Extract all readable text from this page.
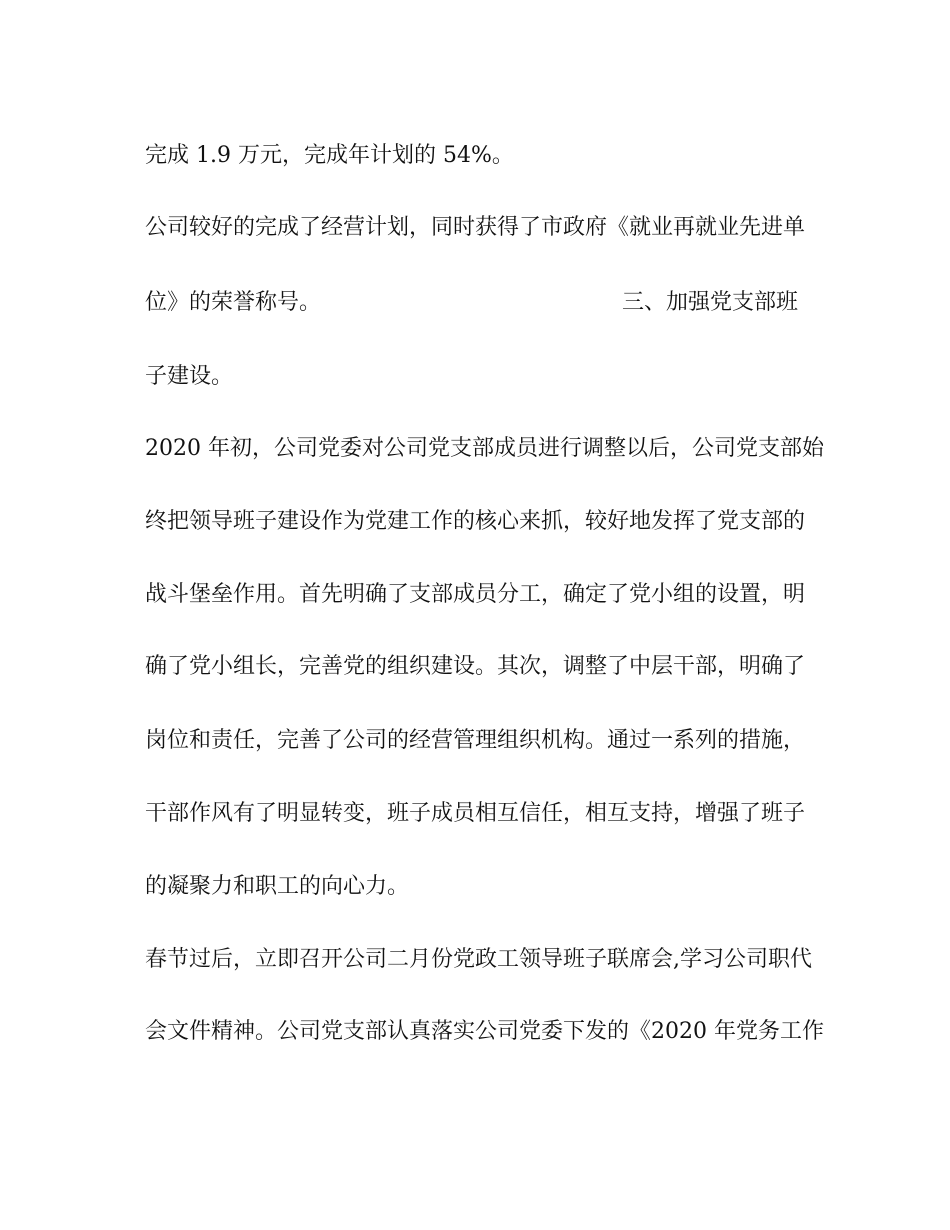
完成 1.9 万元，完成年计划的 54%。

公司较好的完成了经营计划，同时获得了市政府《就业再就业先进单

位》的荣誉称号。	三、加强党支部班

子建设。

2020 年初，公司党委对公司党支部成员进行调整以后，公司党支部始

终把领导班子建设作为党建工作的核心来抓，较好地发挥了党支部的

战斗堡垒作用。首先明确了支部成员分工，确定了党小组的设置，明

确了党小组长，完善党的组织建设。其次，调整了中层干部，明确了

岗位和责任，完善了公司的经营管理组织机构。通过一系列的措施，

干部作风有了明显转变，班子成员相互信任，相互支持，增强了班子

的凝聚力和职工的向心力。

春节过后，立即召开公司二月份党政工领导班子联席会,学习公司职代

会文件精神。公司党支部认真落实公司党委下发的《2020 年党务工作
